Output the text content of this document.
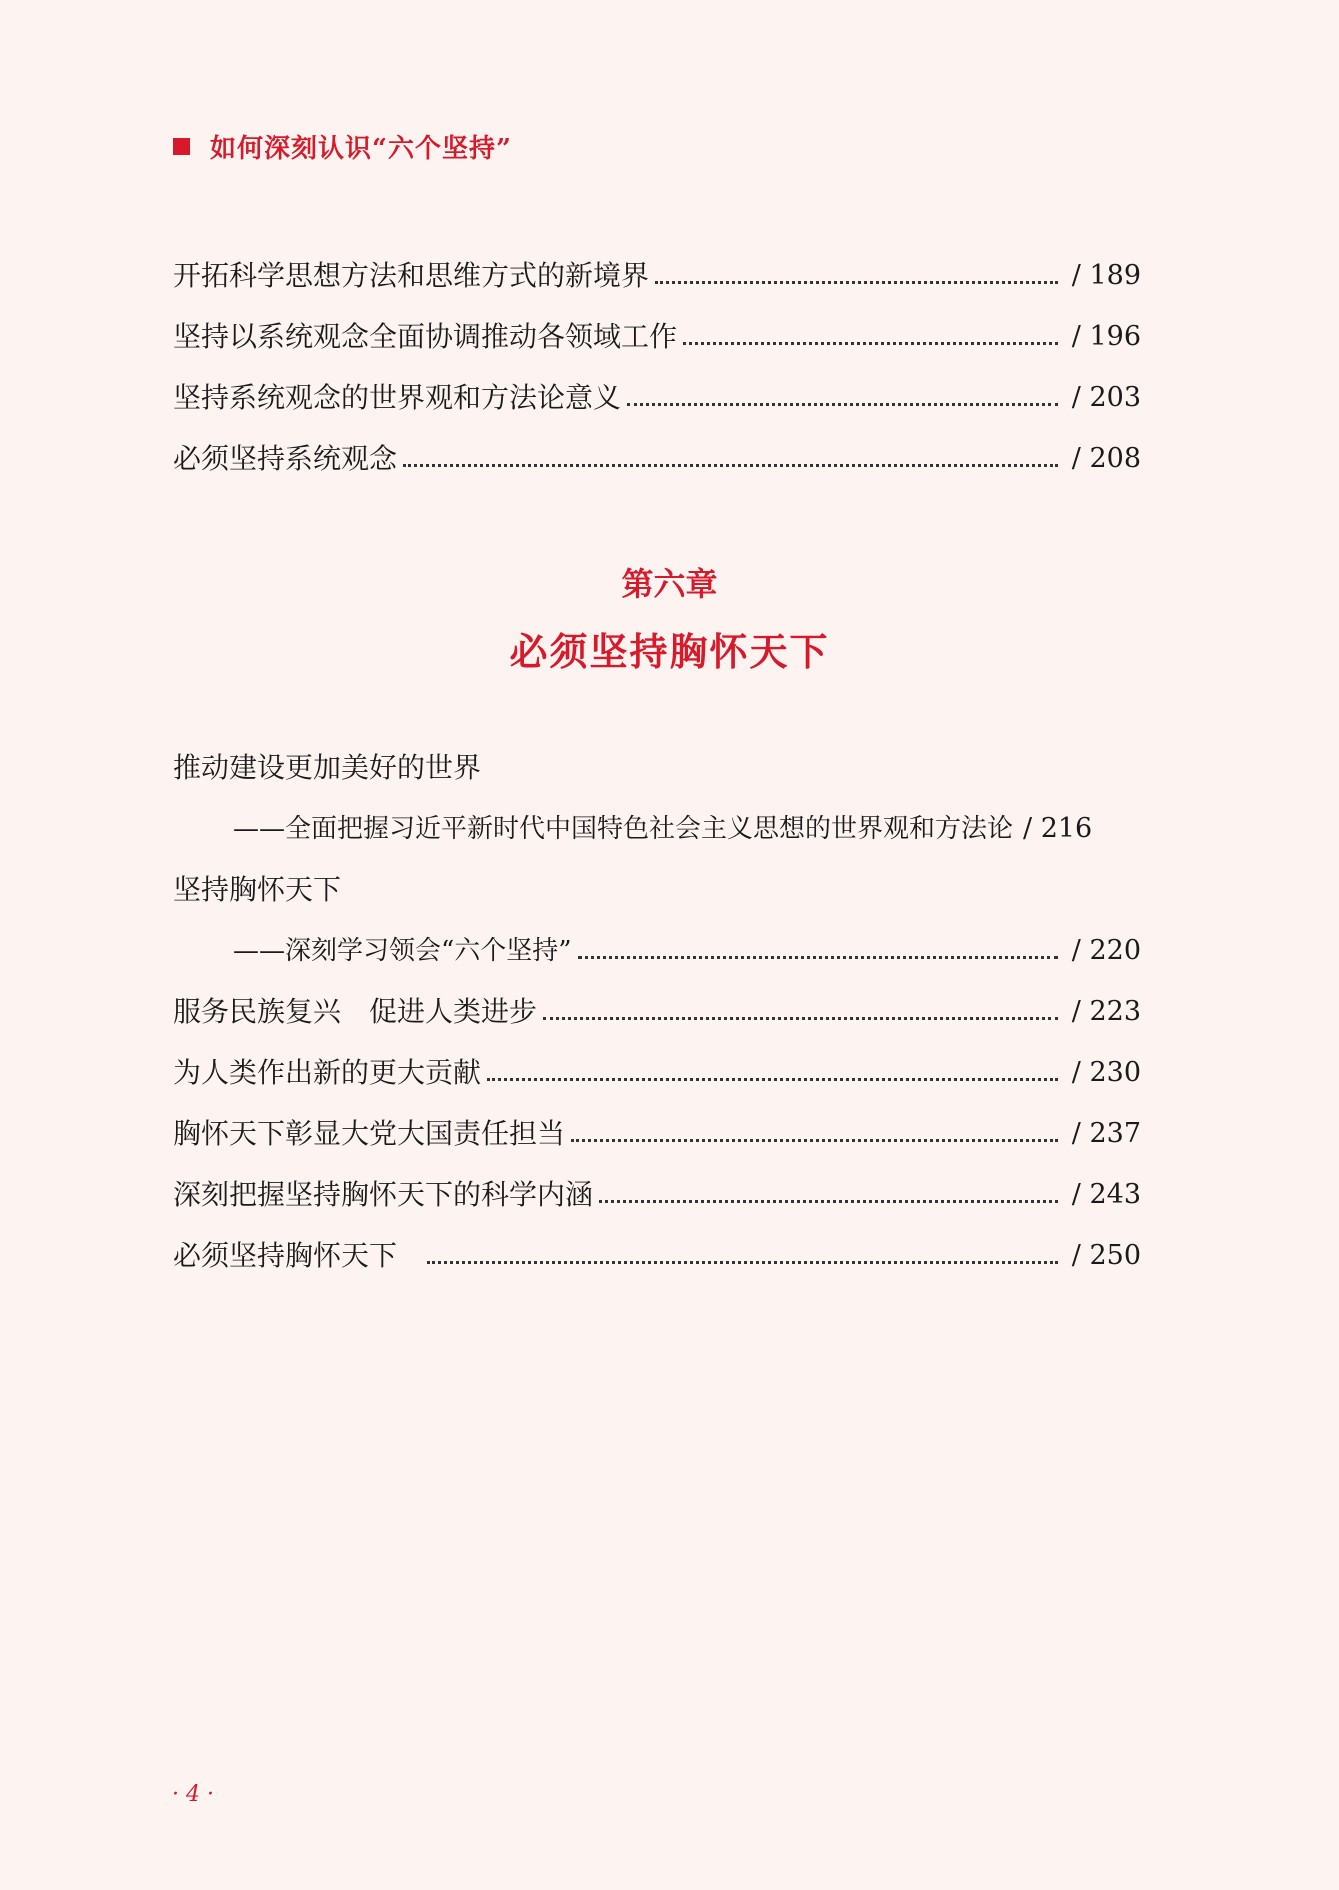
如何深刻认识“六个坚持”
开拓科学思想方法和思维方式的新境界	/ 189
坚持以系统观念全面协调推动各领域工作	/ 196
坚持系统观念的世界观和方法论意义	/ 203
必须坚持系统观念	/ 208
第六章
必须坚持胸怀天下
推动建设更加美好的世界
——全面把握习近平新时代中国特色社会主义思想的世界观和方法论 / 216
坚持胸怀天下
——深刻学习领会“六个坚持”	/ 220
服务民族复兴　促进人类进步	/ 223
为人类作出新的更大贡献	/ 230
胸怀天下彰显大党大国责任担当	/ 237
深刻把握坚持胸怀天下的科学内涵	/ 243
必须坚持胸怀天下	/ 250
· 4 ·
